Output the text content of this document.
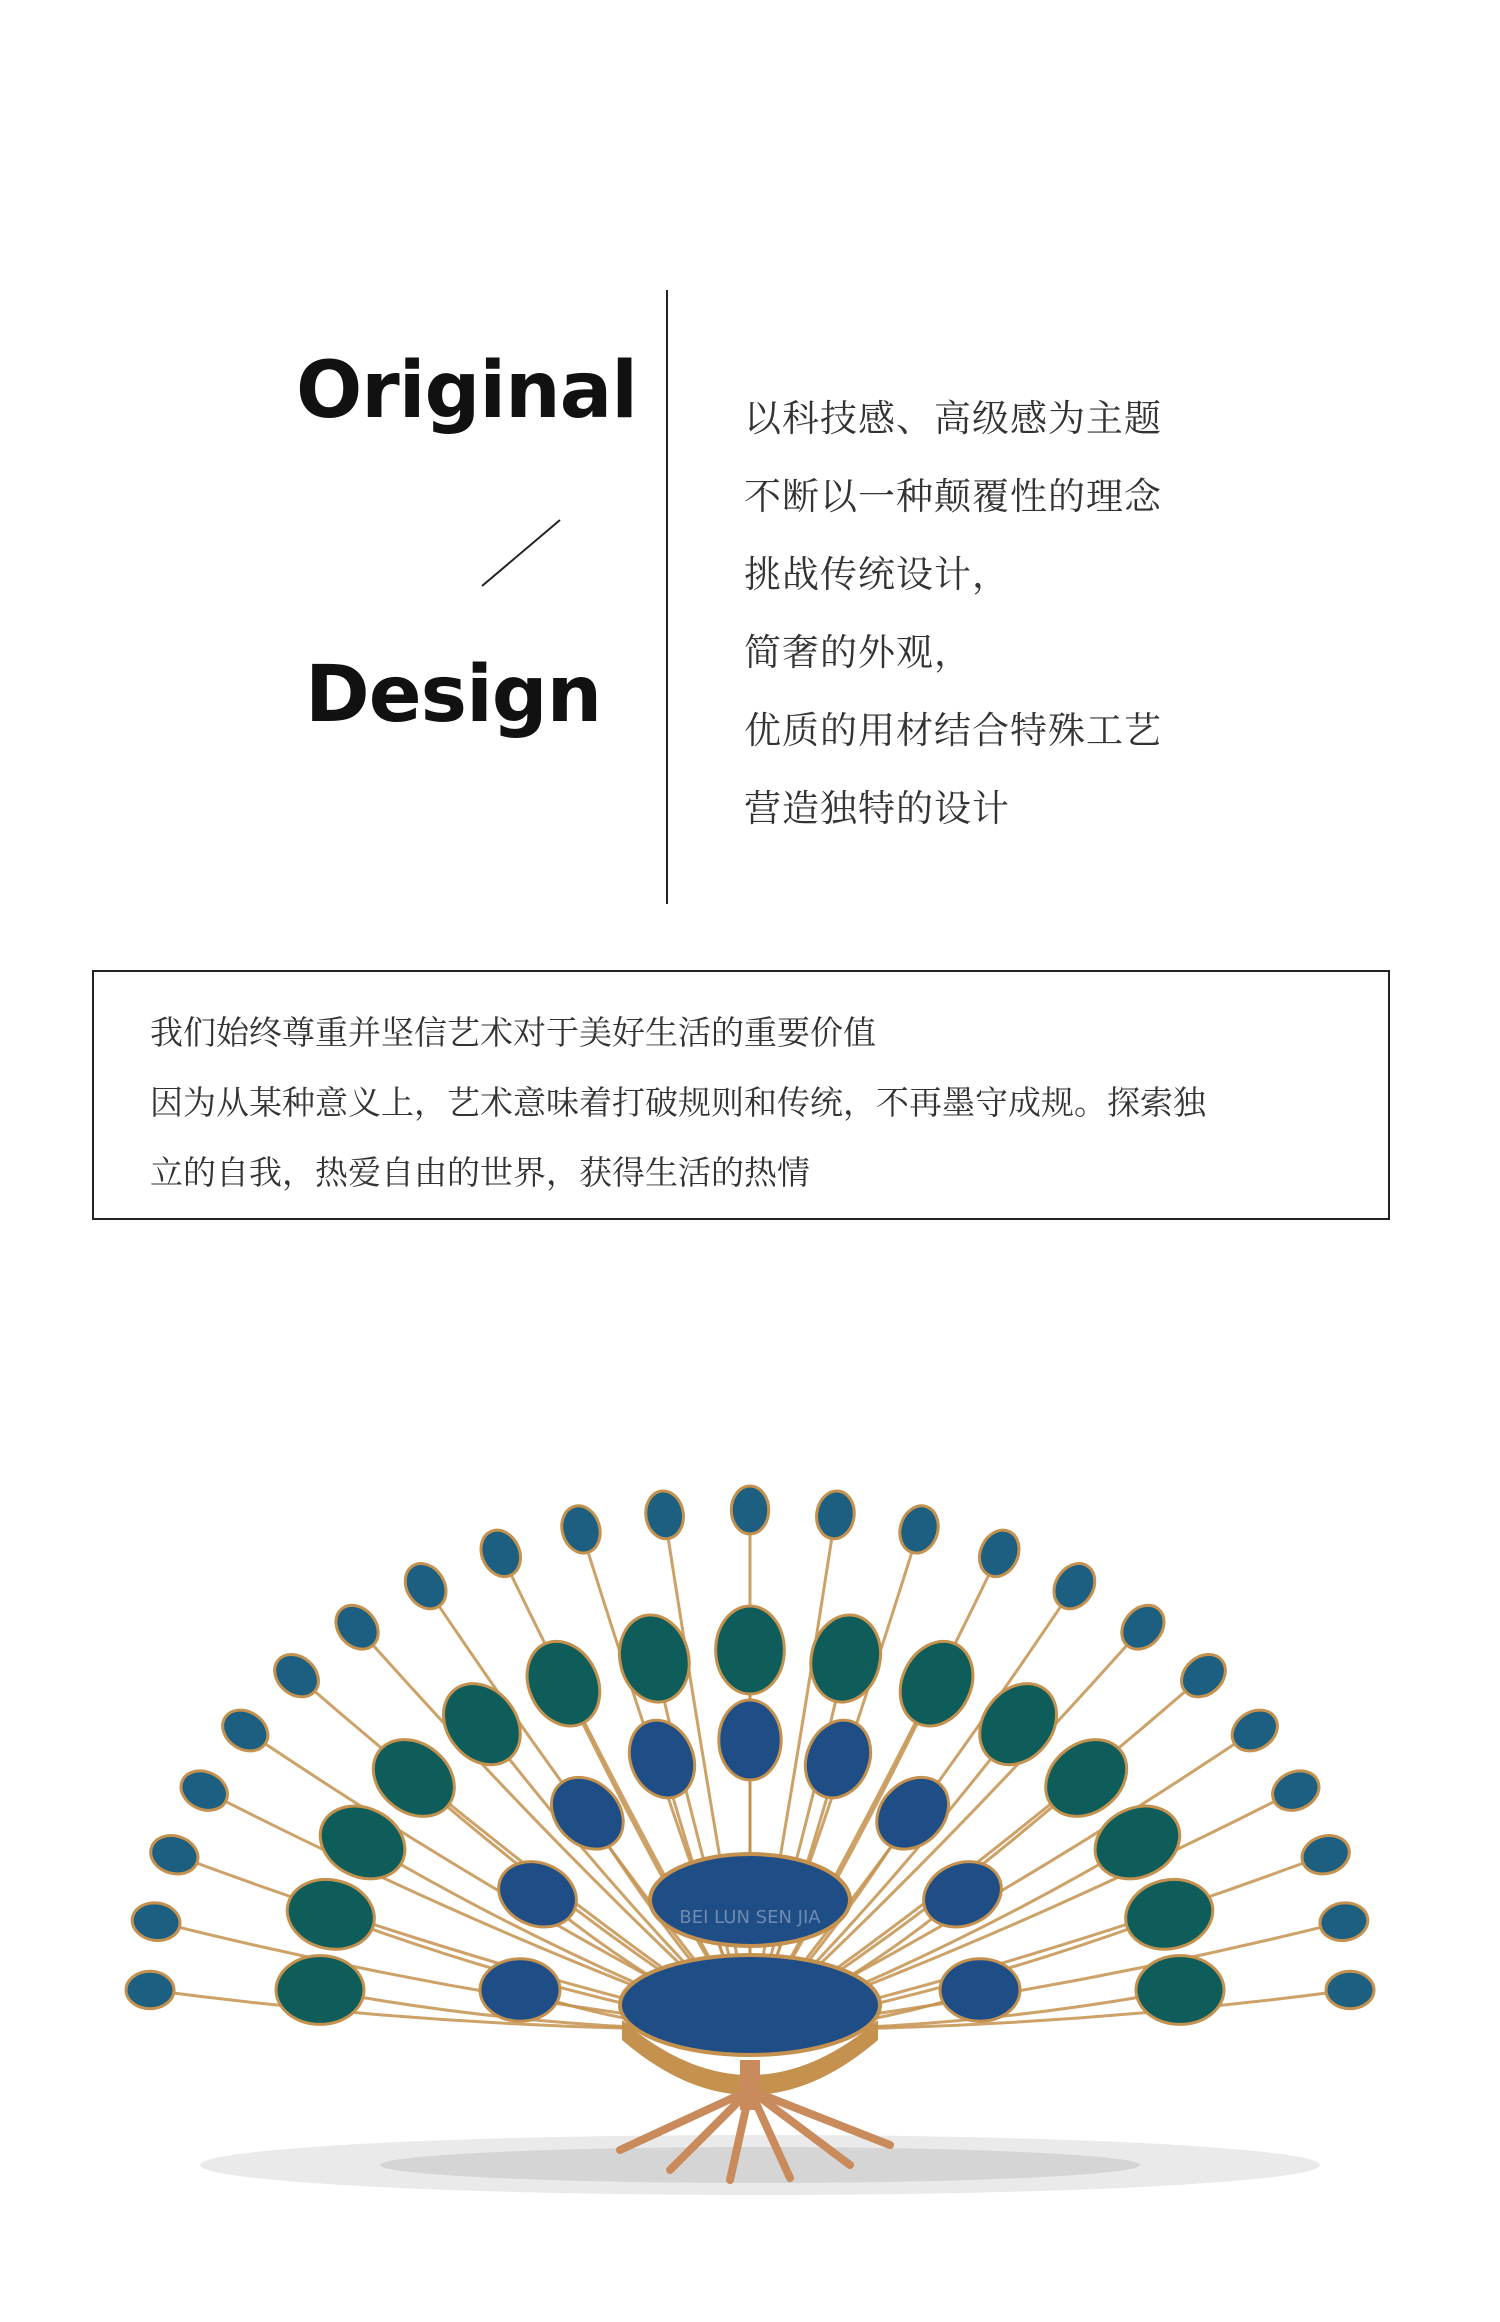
Original
Design
以科技感、高级感为主题
不断以一种颠覆性的理念
挑战传统设计，
简奢的外观，
优质的用材结合特殊工艺
营造独特的设计
我们始终尊重并坚信艺术对于美好生活的重要价值
因为从某种意义上，艺术意味着打破规则和传统，不再墨守成规。探索独
立的自我，热爱自由的世界，获得生活的热情
BEI LUN SEN JIA
